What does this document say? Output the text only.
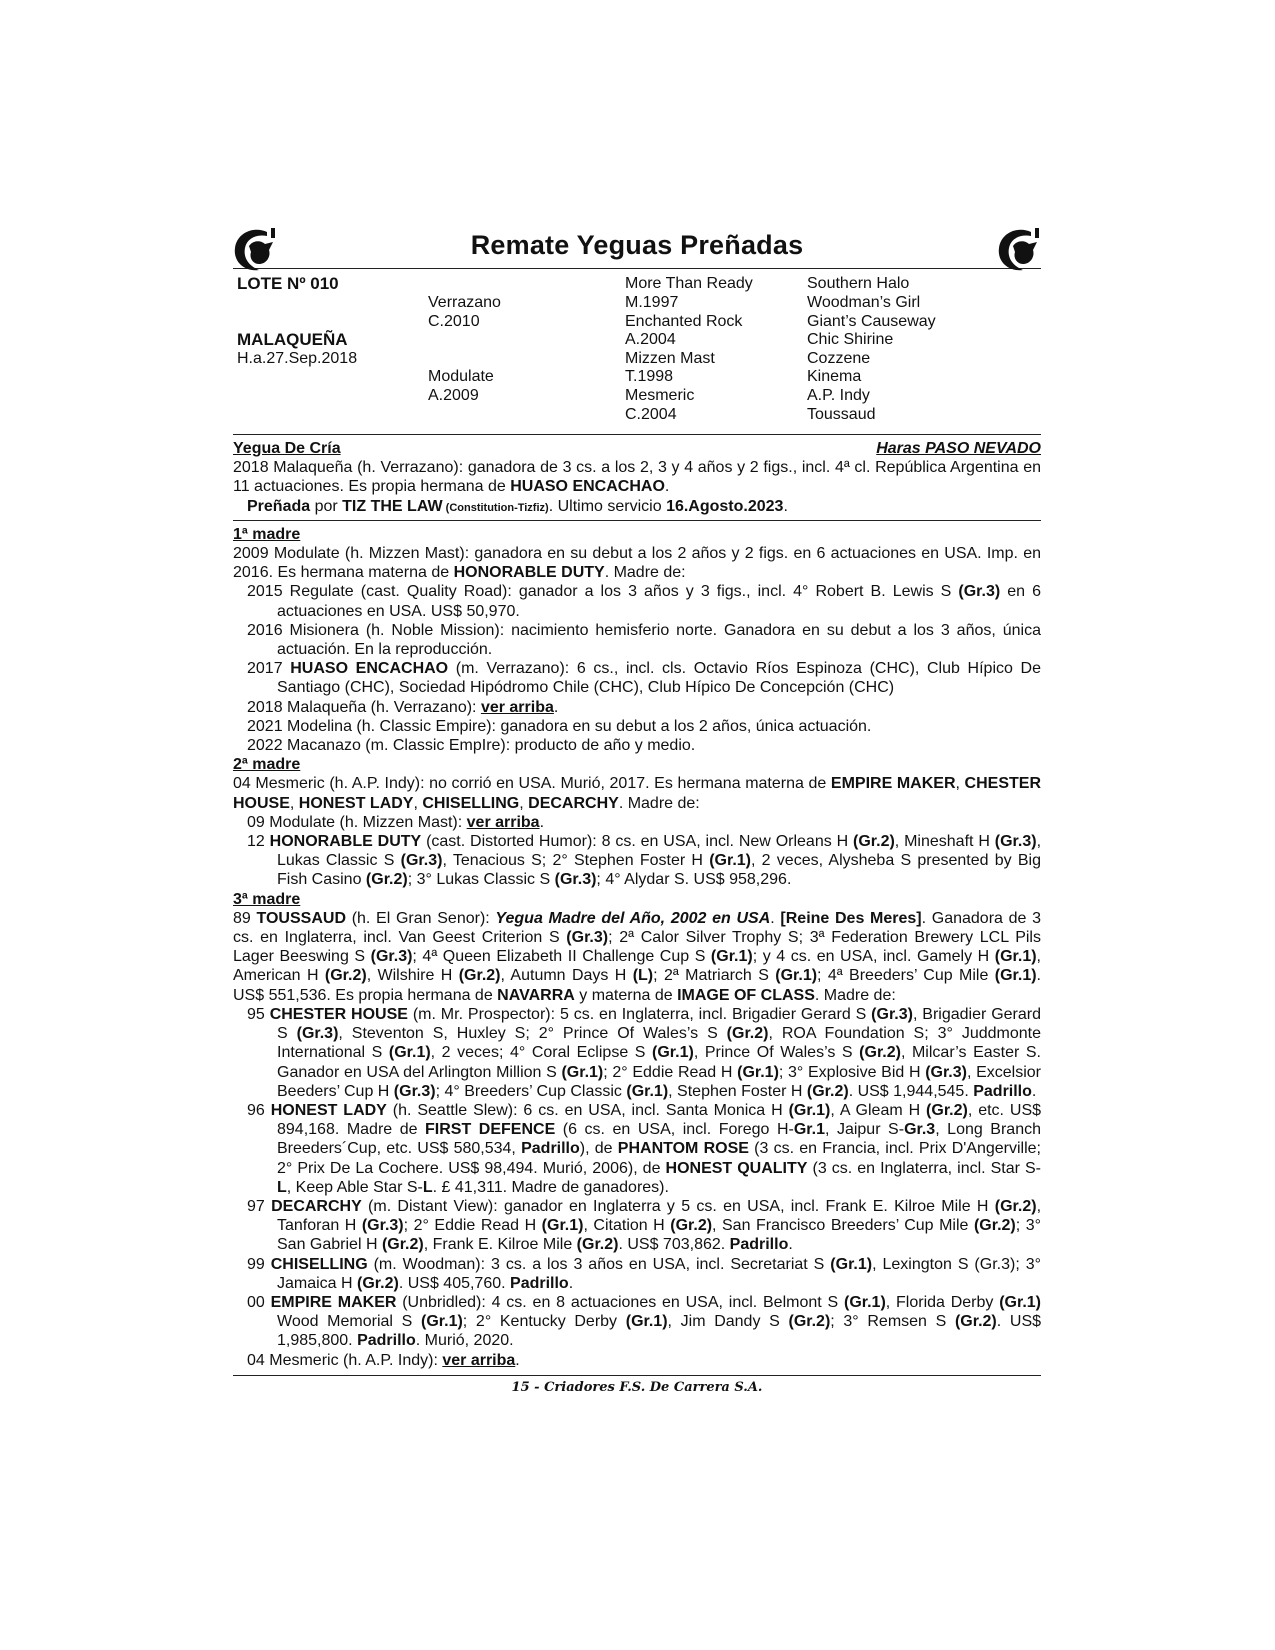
Remate Yeguas Preñadas
LOTE Nº 010
MALAQUEÑA
H.a.27.Sep.2018
Verrazano
C.2010
Modulate
A.2009
More Than Ready
M.1997
Enchanted Rock
A.2004
Mizzen Mast
T.1998
Mesmeric
C.2004
Southern Halo
Woodman’s Girl
Giant’s Causeway
Chic Shirine
Cozzene
Kinema
A.P. Indy
Toussaud
Yegua De Cría	Haras PASO NEVADO
2018 Malaqueña (h. Verrazano): ganadora de 3 cs. a los 2, 3 y 4 años y 2 figs., incl. 4ª cl. República Argentina en 11 actuaciones. Es propia hermana de HUASO ENCACHAO.
Preñada por TIZ THE LAW (Constitution-Tizfiz). Ultimo servicio 16.Agosto.2023.
1ª madre
2009 Modulate (h. Mizzen Mast): ganadora en su debut a los 2 años y 2 figs. en 6 actuaciones en USA. Imp. en 2016. Es hermana materna de HONORABLE DUTY. Madre de:
2015 Regulate (cast. Quality Road): ganador a los 3 años y 3 figs., incl. 4° Robert B. Lewis S (Gr.3) en 6 actuaciones en USA. US$ 50,970.
2016 Misionera (h. Noble Mission): nacimiento hemisferio norte. Ganadora en su debut a los 3 años, única actuación. En la reproducción.
2017 HUASO ENCACHAO (m. Verrazano): 6 cs., incl. cls. Octavio Ríos Espinoza (CHC), Club Hípico De Santiago (CHC), Sociedad Hipódromo Chile (CHC), Club Hípico De Concepción (CHC)
2018 Malaqueña (h. Verrazano): ver arriba.
2021 Modelina (h. Classic Empire): ganadora en su debut a los 2 años, única actuación.
2022 Macanazo (m. Classic EmpIre): producto de año y medio.
2ª madre
04 Mesmeric (h. A.P. Indy): no corrió en USA. Murió, 2017. Es hermana materna de EMPIRE MAKER, CHESTER HOUSE, HONEST LADY, CHISELLING, DECARCHY. Madre de:
09 Modulate (h. Mizzen Mast): ver arriba.
12 HONORABLE DUTY (cast. Distorted Humor): 8 cs. en USA, incl. New Orleans H (Gr.2), Mineshaft H (Gr.3), Lukas Classic S (Gr.3), Tenacious S; 2° Stephen Foster H (Gr.1), 2 veces, Alysheba S presented by Big Fish Casino (Gr.2); 3° Lukas Classic S (Gr.3); 4° Alydar S. US$ 958,296.
3ª madre
89 TOUSSAUD (h. El Gran Senor): Yegua Madre del Año, 2002 en USA. [Reine Des Meres]. Ganadora de 3 cs. en Inglaterra, incl. Van Geest Criterion S (Gr.3); 2ª Calor Silver Trophy S; 3ª Federation Brewery LCL Pils Lager Beeswing S (Gr.3); 4ª Queen Elizabeth II Challenge Cup S (Gr.1); y 4 cs. en USA, incl. Gamely H (Gr.1), American H (Gr.2), Wilshire H (Gr.2), Autumn Days H (L); 2ª Matriarch S (Gr.1); 4ª Breeders’ Cup Mile (Gr.1). US$ 551,536. Es propia hermana de NAVARRA y materna de IMAGE OF CLASS. Madre de:
95 CHESTER HOUSE (m. Mr. Prospector): 5 cs. en Inglaterra, incl. Brigadier Gerard S (Gr.3), Brigadier Gerard S (Gr.3), Steventon S, Huxley S; 2° Prince Of Wales’s S (Gr.2), ROA Foundation S; 3° Juddmonte International S (Gr.1), 2 veces; 4° Coral Eclipse S (Gr.1), Prince Of Wales’s S (Gr.2), Milcar’s Easter S. Ganador en USA del Arlington Million S (Gr.1); 2° Eddie Read H (Gr.1); 3° Explosive Bid H (Gr.3), Excelsior Beeders’ Cup H (Gr.3); 4° Breeders’ Cup Classic (Gr.1), Stephen Foster H (Gr.2). US$ 1,944,545. Padrillo.
96 HONEST LADY (h. Seattle Slew): 6 cs. en USA, incl. Santa Monica H (Gr.1), A Gleam H (Gr.2), etc. US$ 894,168. Madre de FIRST DEFENCE (6 cs. en USA, incl. Forego H-Gr.1, Jaipur S-Gr.3, Long Branch Breeders´Cup, etc. US$ 580,534, Padrillo), de PHANTOM ROSE (3 cs. en Francia, incl. Prix D'Angerville; 2° Prix De La Cochere. US$ 98,494. Murió, 2006), de HONEST QUALITY (3 cs. en Inglaterra, incl. Star S-L, Keep Able Star S-L. £ 41,311. Madre de ganadores).
97 DECARCHY (m. Distant View): ganador en Inglaterra y 5 cs. en USA, incl. Frank E. Kilroe Mile H (Gr.2), Tanforan H (Gr.3); 2° Eddie Read H (Gr.1), Citation H (Gr.2), San Francisco Breeders’ Cup Mile (Gr.2); 3° San Gabriel H (Gr.2), Frank E. Kilroe Mile (Gr.2). US$ 703,862. Padrillo.
99 CHISELLING (m. Woodman): 3 cs. a los 3 años en USA, incl. Secretariat S (Gr.1), Lexington S (Gr.3); 3° Jamaica H (Gr.2). US$ 405,760. Padrillo.
00 EMPIRE MAKER (Unbridled): 4 cs. en 8 actuaciones en USA, incl. Belmont S (Gr.1), Florida Derby (Gr.1) Wood Memorial S (Gr.1); 2° Kentucky Derby (Gr.1), Jim Dandy S (Gr.2); 3° Remsen S (Gr.2). US$ 1,985,800. Padrillo. Murió, 2020.
04 Mesmeric (h. A.P. Indy): ver arriba.
15 - Criadores F.S. De Carrera S.A.
